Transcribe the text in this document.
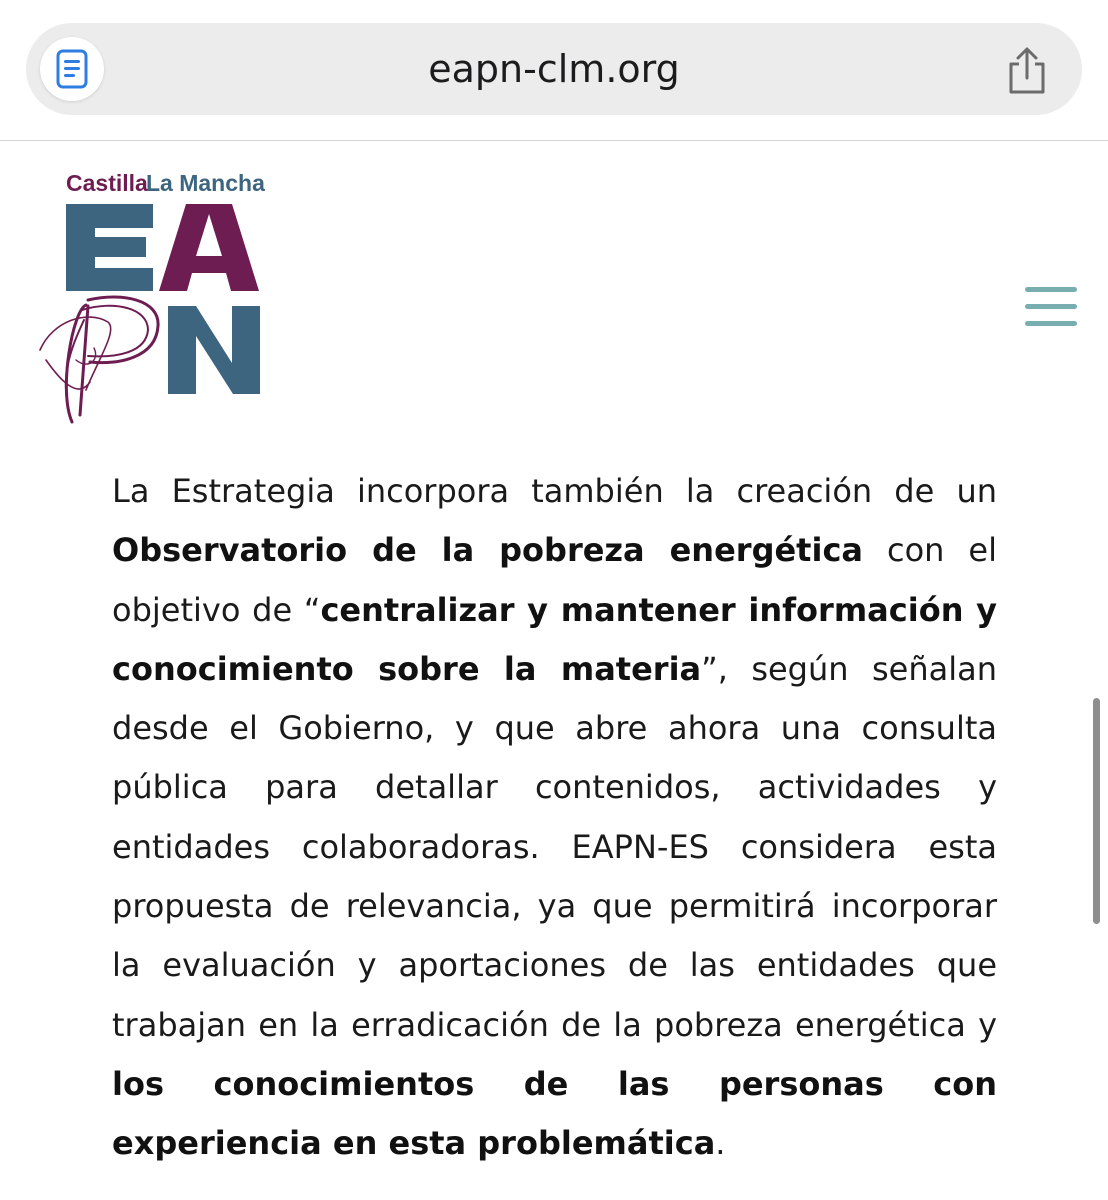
eapn-clm.org
Castilla
La Mancha

La Estrategia incorpora también la creación de un Observatorio de la pobreza energética con el objetivo de “centralizar y mantener información y conocimiento sobre la materia”, según señalan desde el Gobierno, y que abre ahora una consulta pública para detallar contenidos, actividades y entidades colaboradoras. EAPN-ES considera esta propuesta de relevancia, ya que permitirá incorporar la evaluación y aportaciones de las entidades que trabajan en la erradicación de la pobreza energética y los conocimientos de las personas con experiencia en esta problemática.
